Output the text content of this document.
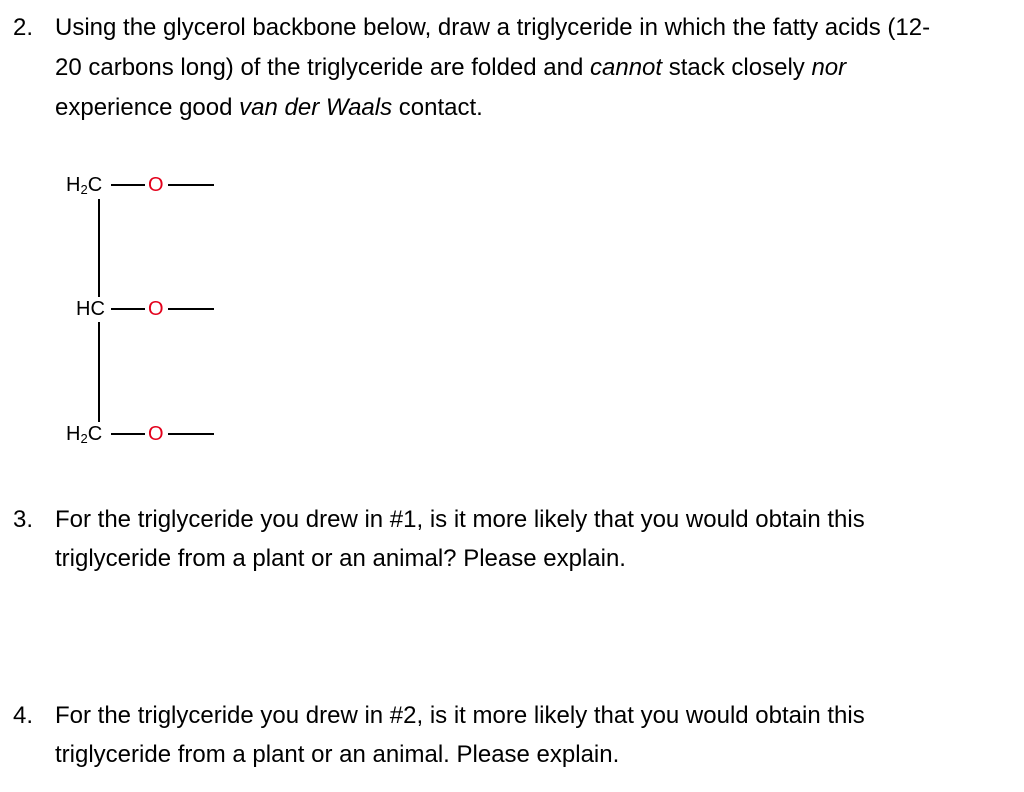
2. Using the glycerol backbone below, draw a triglyceride in which the fatty acids (12-
20 carbons long) of the triglyceride are folded and cannot stack closely nor
experience good van der Waals contact.
$H_2C$ O
HC O
$H_2C$ O
3. For the triglyceride you drew in #1, is it more likely that you would obtain this
triglyceride from a plant or an animal? Please explain.
4. For the triglyceride you drew in #2, is it more likely that you would obtain this
triglyceride from a plant or an animal. Please explain.
